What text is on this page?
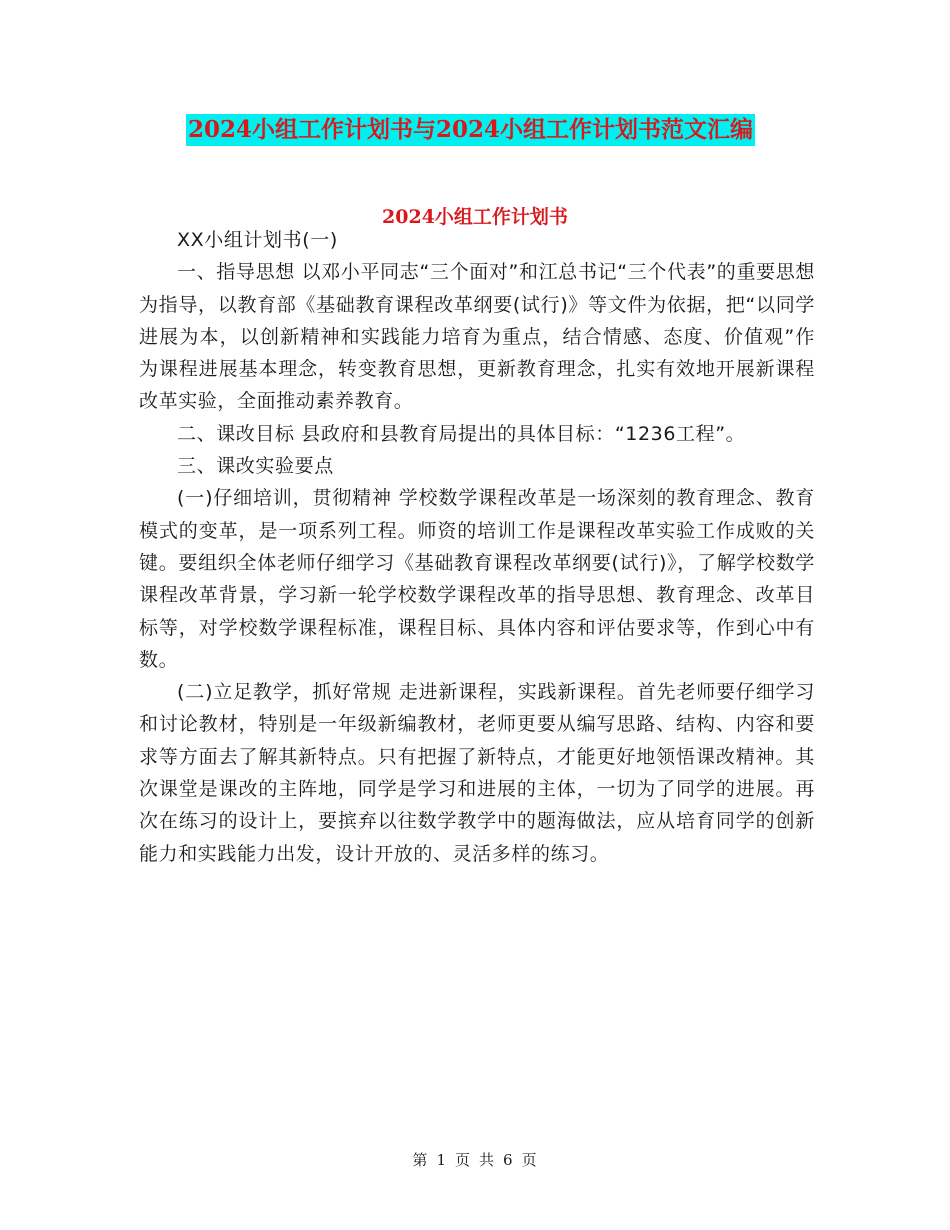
2024小组工作计划书与2024小组工作计划书范文汇编
2024小组工作计划书

XX小组计划书(一)

一、指导思想 以邓小平同志“三个面对”和江总书记“三个代表”的重要思想为指导，以教育部《基础教育课程改革纲要(试行)》等文件为依据，把“以同学进展为本，以创新精神和实践能力培育为重点，结合情感、态度、价值观”作为课程进展基本理念，转变教育思想，更新教育理念，扎实有效地开展新课程改革实验，全面推动素养教育。

二、课改目标 县政府和县教育局提出的具体目标：“1236工程”。

三、课改实验要点

(一)仔细培训，贯彻精神 学校数学课程改革是一场深刻的教育理念、教育模式的变革，是一项系列工程。师资的培训工作是课程改革实验工作成败的关键。要组织全体老师仔细学习《基础教育课程改革纲要(试行)》，了解学校数学课程改革背景，学习新一轮学校数学课程改革的指导思想、教育理念、改革目标等，对学校数学课程标准，课程目标、具体内容和评估要求等，作到心中有数。

(二)立足教学，抓好常规 走进新课程，实践新课程。首先老师要仔细学习和讨论教材，特别是一年级新编教材，老师更要从编写思路、结构、内容和要求等方面去了解其新特点。只有把握了新特点，才能更好地领悟课改精神。其次课堂是课改的主阵地，同学是学习和进展的主体，一切为了同学的进展。再次在练习的设计上，要摈弃以往数学教学中的题海做法，应从培育同学的创新能力和实践能力出发，设计开放的、灵活多样的练习。

第 1 页 共 6 页
